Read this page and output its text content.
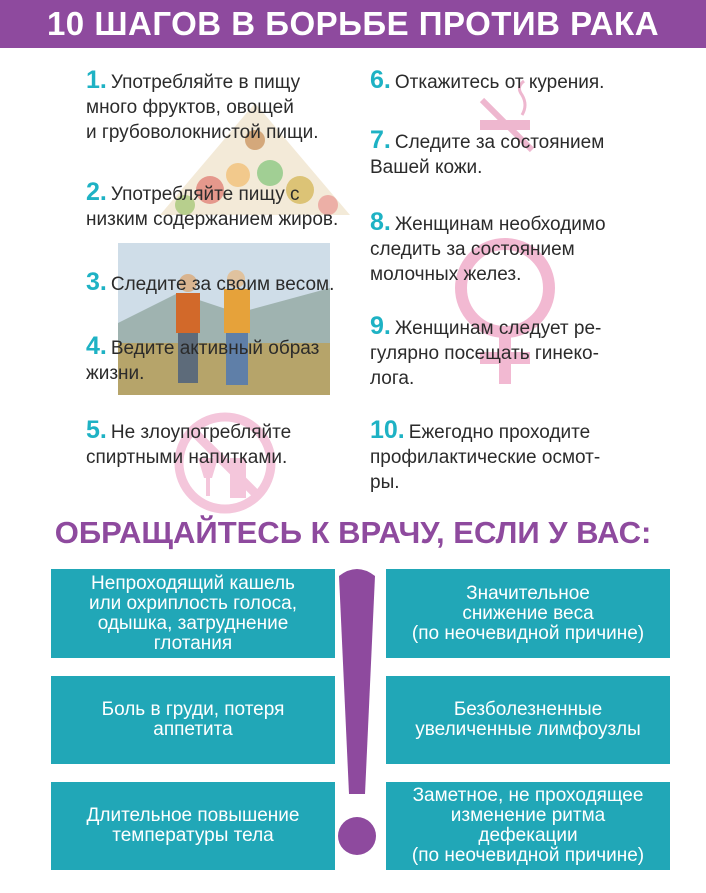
10 ШАГОВ В БОРЬБЕ ПРОТИВ РАКА
1. Употребляйте в пищу
много фруктов, овощей
и грубоволокнистой пищи.
2. Употребляйте пищу с
низким содержанием жиров.
3. Следите за своим весом.
4. Ведите активный образ
жизни.
5. Не злоупотребляйте
спиртными напитками.
6. Откажитесь от курения.
7. Следите за состоянием
Вашей кожи.
8. Женщинам необходимо
следить за состоянием
молочных желез.
9. Женщинам следует ре-
гулярно посещать гинеко-
лога.
10. Ежегодно проходите
профилактические осмот-
ры.
ОБРАЩАЙТЕСЬ К ВРАЧУ, ЕСЛИ У ВАС:
Непроходящий кашель
или охриплость голоса,
одышка, затруднение
глотания
Боль в груди, потеря
аппетита
Длительное повышение
температуры тела
Значительное
снижение веса
(по неочевидной причине)
Безболезненные
увеличенные лимфоузлы
Заметное, не проходящее
изменение ритма
дефекации
(по неочевидной причине)
